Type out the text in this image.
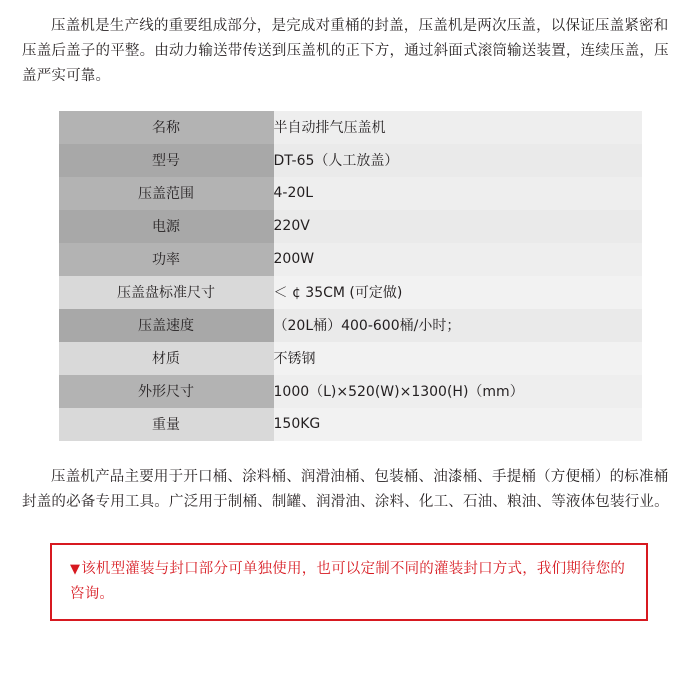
压盖机是生产线的重要组成部分，是完成对重桶的封盖，压盖机是两次压盖，以保证压盖紧密和压盖后盖子的平整。由动力输送带传送到压盖机的正下方，通过斜面式滚筒输送装置，连续压盖，压盖严实可靠。

名称	半自动排气压盖机
型号	DT-65（人工放盖）
压盖范围	4-20L
电源	220V
功率	200W
压盖盘标准尺寸	＜ ¢ 35CM (可定做)
压盖速度	（20L桶）400-600桶/小时；
材质	不锈钢
外形尺寸	1000（L)×520(W)×1300(H)（mm）
重量	150KG

压盖机产品主要用于开口桶、涂料桶、润滑油桶、包装桶、油漆桶、手提桶（方便桶）的标准桶封盖的必备专用工具。广泛用于制桶、制罐、润滑油、涂料、化工、石油、粮油、等液体包装行业。

▼该机型灌装与封口部分可单独使用，也可以定制不同的灌装封口方式，我们期待您的咨询。
